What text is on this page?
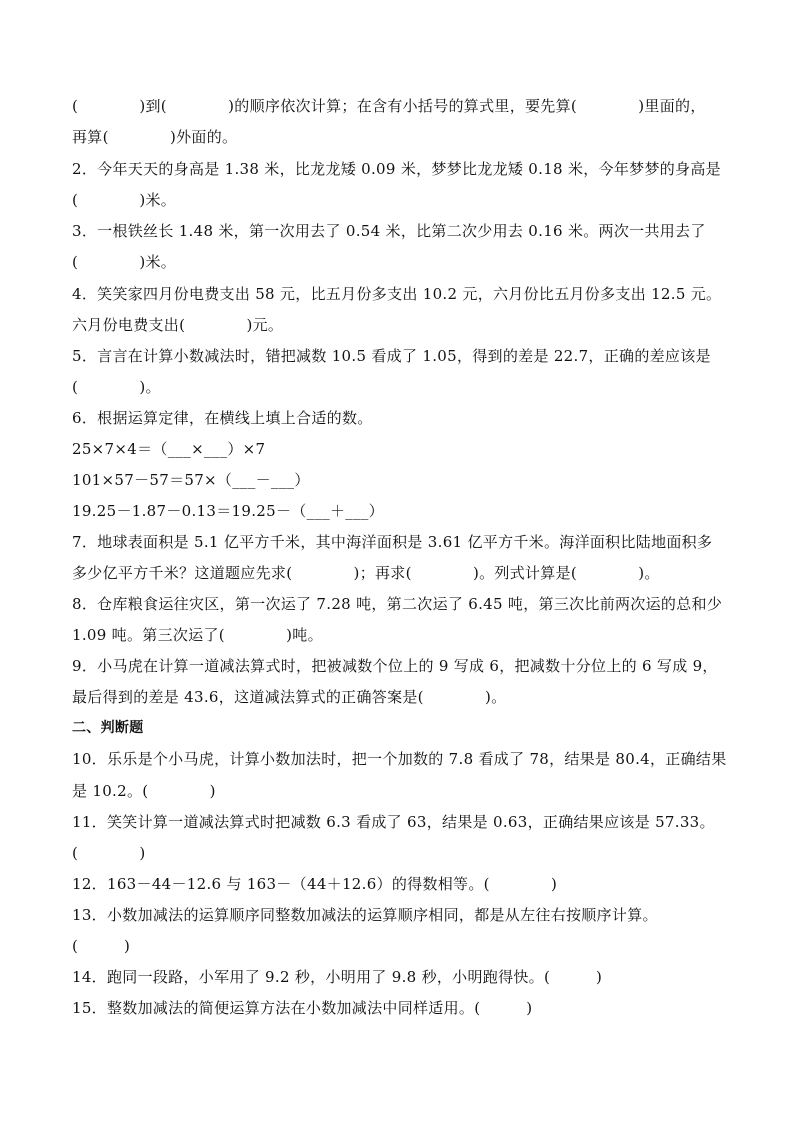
(　　　　)到(　　　　)的顺序依次计算；在含有小括号的算式里，要先算(　　　　)里面的，
再算(　　　　)外面的。
2．今年天天的身高是 1.38 米，比龙龙矮 0.09 米，梦梦比龙龙矮 0.18 米，今年梦梦的身高是
(　　　　)米。
3．一根铁丝长 1.48 米，第一次用去了 0.54 米，比第二次少用去 0.16 米。两次一共用去了
(　　　　)米。
4．笑笑家四月份电费支出 58 元，比五月份多支出 10.2 元，六月份比五月份多支出 12.5 元。
六月份电费支出(　　　　)元。
5．言言在计算小数减法时，错把减数 10.5 看成了 1.05，得到的差是 22.7，正确的差应该是
(　　　　)。
6．根据运算定律，在横线上填上合适的数。
25×7×4＝（___×___）×7
101×57－57＝57×（___－___）
19.25－1.87－0.13＝19.25－（___＋___）
7．地球表面积是 5.1 亿平方千米，其中海洋面积是 3.61 亿平方千米。海洋面积比陆地面积多
多少亿平方千米？这道题应先求(　　　　)；再求(　　　　)。列式计算是(　　　　)。
8．仓库粮食运往灾区，第一次运了 7.28 吨，第二次运了 6.45 吨，第三次比前两次运的总和少
1.09 吨。第三次运了(　　　　)吨。
9．小马虎在计算一道减法算式时，把被减数个位上的 9 写成 6，把减数十分位上的 6 写成 9，
最后得到的差是 43.6，这道减法算式的正确答案是(　　　　)。
二、判断题
10．乐乐是个小马虎，计算小数加法时，把一个加数的 7.8 看成了 78，结果是 80.4，正确结果
是 10.2。(　　　　)
11．笑笑计算一道减法算式时把减数 6.3 看成了 63，结果是 0.63，正确结果应该是 57.33。
(　　　　)
12．163－44－12.6 与 163－（44＋12.6）的得数相等。(　　　　)
13．小数加减法的运算顺序同整数加减法的运算顺序相同，都是从左往右按顺序计算。
(　　　)
14．跑同一段路，小军用了 9.2 秒，小明用了 9.8 秒，小明跑得快。(　　　)
15．整数加减法的简便运算方法在小数加减法中同样适用。(　　　)
